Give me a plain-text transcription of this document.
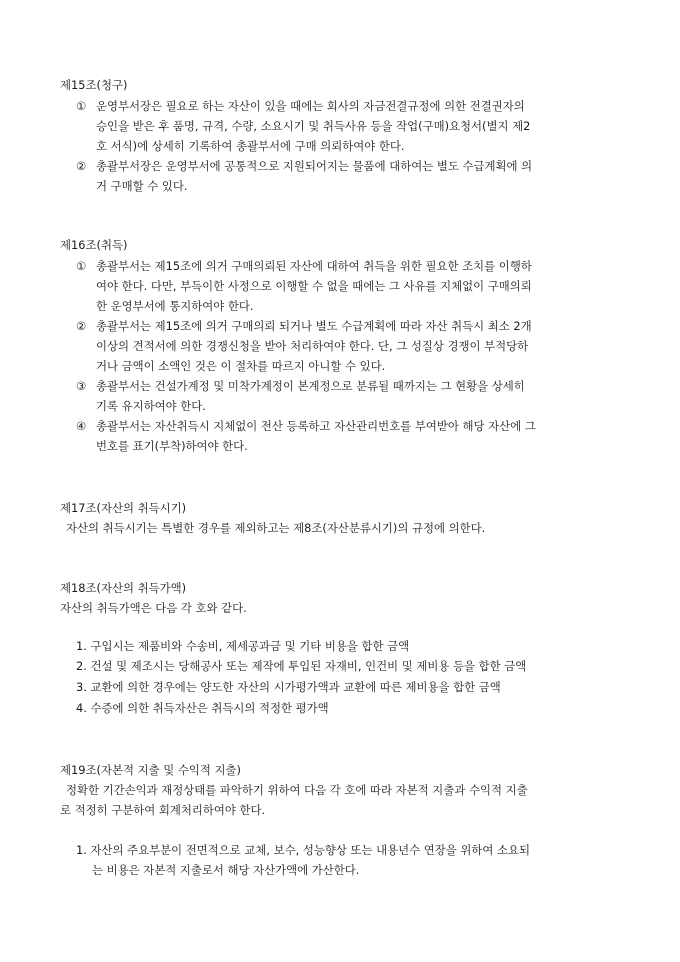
제15조(청구)
① 운영부서장은 필요로 하는 자산이 있을 때에는 회사의 자금전결규정에 의한 전결권자의
승인을 받은 후 품명, 규격, 수량, 소요시기 및 취득사유 등을 작업(구매)요청서(별지 제2
호 서식)에 상세히 기록하여 총괄부서에 구매 의뢰하여야 한다.
② 총괄부서장은 운영부서에 공통적으로 지원되어지는 물품에 대하여는 별도 수급계획에 의
거 구매할 수 있다.
제16조(취득)
① 총괄부서는 제15조에 의거 구매의뢰된 자산에 대하여 취득을 위한 필요한 조치를 이행하
여야 한다. 다만, 부득이한 사정으로 이행할 수 없을 때에는 그 사유를 지체없이 구매의뢰
한 운영부서에 통지하여야 한다.
② 총괄부서는 제15조에 의거 구매의뢰 되거나 별도 수급계획에 따라 자산 취득시 최소 2개
이상의 견적서에 의한 경쟁신청을 받아 처리하여야 한다. 단, 그 성질상 경쟁이 부적당하
거나 금액이 소액인 것은 이 절차를 따르지 아니할 수 있다.
③ 총괄부서는 건설가계정 및 미착가계정이 본계정으로 분류될 때까지는 그 현황을 상세히
기록 유지하여야 한다.
④ 총괄부서는 자산취득시 지체없이 전산 등록하고 자산관리번호를 부여받아 해당 자산에 그
번호를 표기(부착)하여야 한다.
제17조(자산의 취득시기)
자산의 취득시기는 특별한 경우를 제외하고는 제8조(자산분류시기)의 규정에 의한다.
제18조(자산의 취득가액)
자산의 취득가액은 다음 각 호와 같다.
1. 구입시는 제품비와 수송비, 제세공과금 및 기타 비용을 합한 금액
2. 건설 및 제조시는 당해공사 또는 제작에 투입된 자재비, 인건비 및 제비용 등을 합한 금액
3. 교환에 의한 경우에는 양도한 자산의 시가평가액과 교환에 따른 제비용을 합한 금액
4. 수증에 의한 취득자산은 취득시의 적정한 평가액
제19조(자본적 지출 및 수익적 지출)
정확한 기간손익과 재정상태를 파악하기 위하여 다음 각 호에 따라 자본적 지출과 수익적 지출
로 적정히 구분하여 회계처리하여야 한다.
1. 자산의 주요부분이 전면적으로 교체, 보수, 성능향상 또는 내용년수 연장을 위하여 소요되
는 비용은 자본적 지출로서 해당 자산가액에 가산한다.
